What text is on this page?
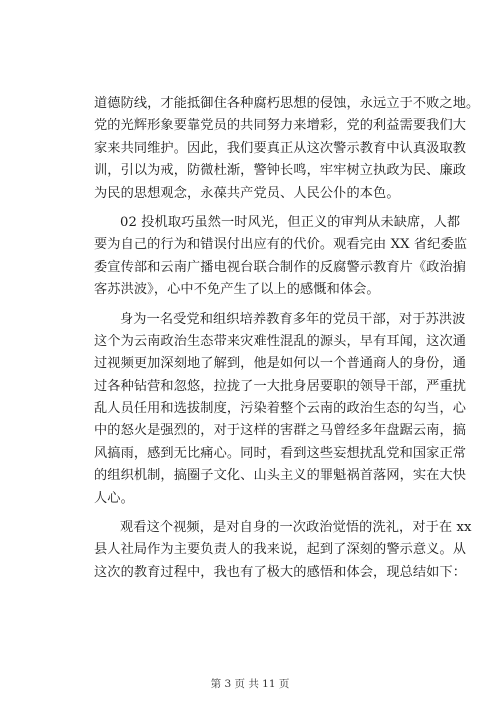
道德防线，才能抵御住各种腐朽思想的侵蚀，永远立于不败之地。
党的光辉形象要靠党员的共同努力来增彩，党的利益需要我们大
家来共同维护。因此，我们要真正从这次警示教育中认真汲取教
训，引以为戒，防微杜渐，警钟长鸣，牢牢树立执政为民、廉政
为民的思想观念，永葆共产党员、人民公仆的本色。
02 投机取巧虽然一时风光，但正义的审判从未缺席，人都
要为自己的行为和错误付出应有的代价。观看完由 XX 省纪委监
委宣传部和云南广播电视台联合制作的反腐警示教育片《政治掮
客苏洪波》，心中不免产生了以上的感慨和体会。
身为一名受党和组织培养教育多年的党员干部，对于苏洪波
这个为云南政治生态带来灾难性混乱的源头，早有耳闻，这次通
过视频更加深刻地了解到，他是如何以一个普通商人的身份，通
过各种钻营和忽悠，拉拢了一大批身居要职的领导干部，严重扰
乱人员任用和选拔制度，污染着整个云南的政治生态的勾当，心
中的怒火是强烈的，对于这样的害群之马曾经多年盘踞云南，搞
风搞雨，感到无比痛心。同时，看到这些妄想扰乱党和国家正常
的组织机制，搞圈子文化、山头主义的罪魁祸首落网，实在大快
人心。
观看这个视频，是对自身的一次政治觉悟的洗礼，对于在 xx
县人社局作为主要负责人的我来说，起到了深刻的警示意义。从
这次的教育过程中，我也有了极大的感悟和体会，现总结如下：
第 3 页 共 11 页
